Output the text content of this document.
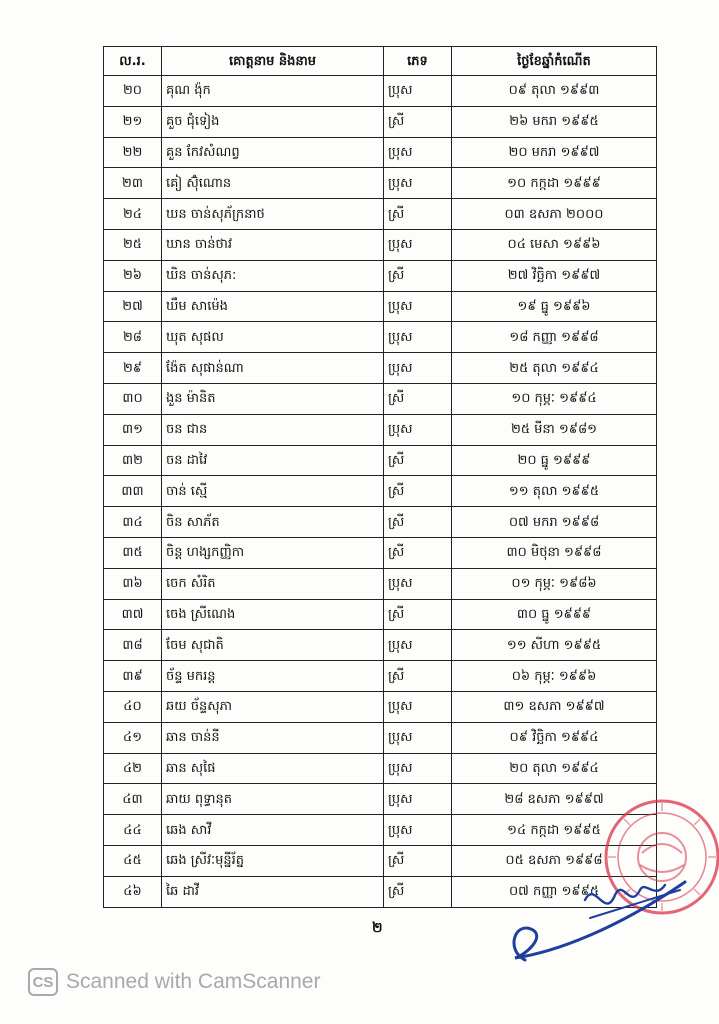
ល.រ.	គោត្តនាម និងនាម	ភេទ	ថ្ងៃខែឆ្នាំកំណើត
២០	គុណ ង៉ុក	ប្រុស	០៩ តុលា ១៩៩៣
២១	គួច ជុំទៀង	ស្រី	២៦ មករា ១៩៩៥
២២	គួន កែវសំណព្វ	ប្រុស	២០ មករា ១៩៩៧
២៣	គៀ ស៊ុំណោន	ប្រុស	១០ កក្កដា ១៩៩៩
២៤	ឃន ចាន់សុភ័ក្រនាថ	ស្រី	០៣ ឧសភា ២០០០
២៥	ឃាន ចាន់ថាវ	ប្រុស	០៤ មេសា ១៩៩៦
២៦	ឃិន ចាន់សុភ:	ស្រី	២៧ វិច្ឆិកា ១៩៩៧
២៧	ឃឹម សាម៉េង	ប្រុស	១៩ ធ្នូ ១៩៩៦
២៨	ឃុត សុផល	ប្រុស	១៨ កញ្ញា ១៩៩៨
២៩	ង៉ែត សុផាន់ណា	ប្រុស	២៥ តុលា ១៩៩៤
៣០	ងួន ម៉ានិត	ស្រី	១០ កុម្ភៈ ១៩៩៤
៣១	ចន ជាន	ប្រុស	២៥ មីនា ១៩៨១
៣២	ចន ដាវៃ	ស្រី	២០ ធ្នូ ១៩៩៩
៣៣	ចាន់ ស្មើ	ស្រី	១១ តុលា ១៩៩៥
៣៤	ចិន សាភ័ត	ស្រី	០៧ មករា ១៩៩៨
៣៥	ចិន្ត ហង្សកញ្ញិកា	ស្រី	៣០ មិថុនា ១៩៩៨
៣៦	ចេក សំរិត	ប្រុស	០១ កុម្ភៈ ១៩៨៦
៣៧	ចេង ស្រីណេង	ស្រី	៣០ ធ្នូ ១៩៩៩
៣៨	ចែម សុជាតិ	ប្រុស	១១ សីហា ១៩៩៥
៣៩	ច័ន្ទ មករន្ត	ស្រី	០៦ កុម្ភៈ ១៩៩៦
៤០	ឆយ ច័ន្ទសុភា	ប្រុស	៣១ ឧសភា ១៩៩៧
៤១	ឆាន ចាន់នី	ប្រុស	០៩ វិច្ឆិកា ១៩៩៤
៤២	ឆាន សុផៃ	ប្រុស	២០ តុលា ១៩៩៤
៤៣	ឆាយ ពុទ្ធានុត	ប្រុស	២៨ ឧសភា ១៩៩៧
៤៤	ឆេង សាវី	ប្រុស	១៤ កក្កដា ១៩៩៥
៤៥	ឆេង ស្រីវៈមុន្នីរ័ត្ន	ស្រី	០៥ ឧសភា ១៩៩៨
៤៦	ឆៃ ដាវី	ស្រី	០៧ កញ្ញា ១៩៩៥
២
CS Scanned with CamScanner
